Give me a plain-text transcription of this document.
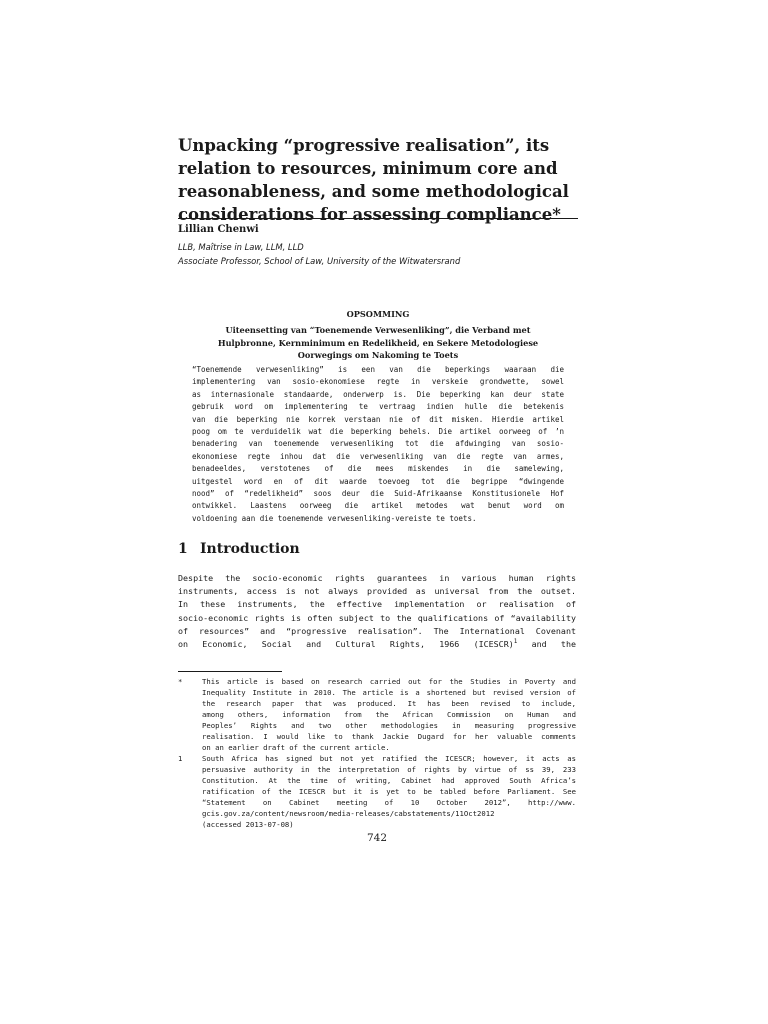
Unpacking “progressive realisation”, its
relation to resources, minimum core and
reasonableness, and some methodological
considerations for assessing compliance*
Lillian Chenwi
LLB, Maîtrise in Law, LLM, LLD
Associate Professor, School of Law, University of the Witwatersrand
OPSOMMING
Uiteensetting van “Toenemende Verwesenliking”, die Verband met
Hulpbronne, Kernminimum en Redelikheid, en Sekere Metodologiese
Oorwegings om Nakoming te Toets
“Toenemende verwesenliking” is een van die beperkings waaraan die
implementering van sosio-ekonomiese regte in verskeie grondwette, sowel
as internasionale standaarde, onderwerp is. Die beperking kan deur state
gebruik word om implementering te vertraag indien hulle die betekenis
van die beperking nie korrek verstaan nie of dit misken. Hierdie artikel
poog om te verduidelik wat die beperking behels. Die artikel oorweeg of ’n
benadering van toenemende verwesenliking tot die afdwinging van sosio-
ekonomiese regte inhou dat die verwesenliking van die regte van armes,
benadeeldes, verstotenes of die mees miskendes in die samelewing,
uitgestel word en of dit waarde toevoeg tot die begrippe “dwingende
nood” of “redelikheid” soos deur die Suid-Afrikaanse Konstitusionele Hof
ontwikkel. Laastens oorweeg die artikel metodes wat benut word om
voldoening aan die toenemende verwesenliking-vereiste te toets.
1 Introduction
Despite the socio-economic rights guarantees in various human rights
instruments, access is not always provided as universal from the outset.
In these instruments, the effective implementation or realisation of
socio-economic rights is often subject to the qualifications of “availability
of resources” and “progressive realisation”. The International Covenant
on Economic, Social and Cultural Rights, 1966 (ICESCR)$^1$ and the
*	This article is based on research carried out for the Studies in Poverty and
Inequality Institute in 2010. The article is a shortened but revised version of
the research paper that was produced. It has been revised to include,
among others, information from the African Commission on Human and
Peoples’ Rights and two other methodologies in measuring progressive
realisation. I would like to thank Jackie Dugard for her valuable comments
on an earlier draft of the current article.
1	South Africa has signed but not yet ratified the ICESCR; however, it acts as
persuasive authority in the interpretation of rights by virtue of ss 39, 233
Constitution. At the time of writing, Cabinet had approved South Africa’s
ratification of the ICESCR but it is yet to be tabled before Parliament. See
“Statement on Cabinet meeting of 10 October 2012”, http://www.
gcis.gov.za/content/newsroom/media-releases/cabstatements/11Oct2012
(accessed 2013-07-08)
742
